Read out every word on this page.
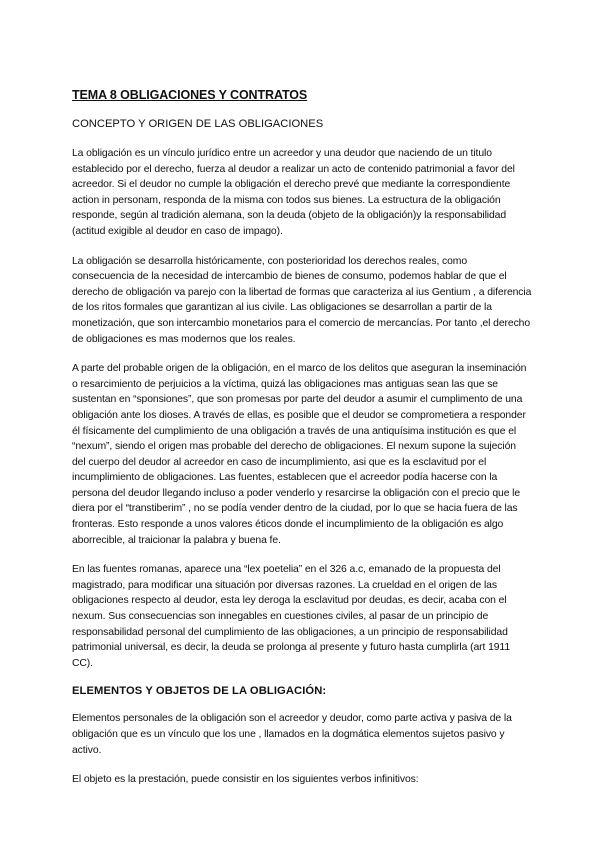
TEMA 8 OBLIGACIONES Y CONTRATOS
CONCEPTO Y ORIGEN DE LAS OBLIGACIONES

La obligación es un vínculo jurídico entre un acreedor y una deudor que naciendo de un titulo establecido por el derecho, fuerza al deudor a realizar un acto de contenido patrimonial a favor del acreedor. Si el deudor no cumple la obligación el derecho prevé que mediante la correspondiente action in personam, responda de la misma con todos sus bienes. La estructura de la obligación responde, según al tradición alemana, son la deuda (objeto de la obligación)y la responsabilidad (actitud exigible al deudor en caso de impago).

La obligación se desarrolla históricamente, con posterioridad los derechos reales, como consecuencia de la necesidad de intercambio de bienes de consumo, podemos hablar de que el derecho de obligación va parejo con la libertad de formas que caracteriza al ius Gentium , a diferencia de los ritos formales que garantizan al ius civile. Las obligaciones se desarrollan a partir de la monetización, que son intercambio monetarios para el comercio de mercancías. Por tanto ,el derecho de obligaciones es mas modernos que los reales.

A parte del probable origen de la obligación, en el marco de los delitos que aseguran la inseminación o resarcimiento de perjuicios a la víctima, quizá las obligaciones mas antiguas sean las que se sustentan en “sponsiones”, que son promesas por parte del deudor a asumir el cumplimento de una obligación ante los dioses. A través de ellas, es posible que el deudor se comprometiera a responder él físicamente del cumplimiento de una obligación a través de una antiquísima institución es que el “nexum”, siendo el origen mas probable del derecho de obligaciones. El nexum supone la sujeción del cuerpo del deudor al acreedor en caso de incumplimiento, asi que es la esclavitud por el incumplimiento de obligaciones. Las fuentes, establecen que el acreedor podía hacerse con la persona del deudor llegando incluso a poder venderlo y resarcirse la obligación con el precio que le diera por el “transtiberim” , no se podía vender dentro de la ciudad, por lo que se hacia fuera de las fronteras. Esto responde a unos valores éticos donde el incumplimiento de la obligación es algo aborrecible, al traicionar la palabra y buena fe.

En las fuentes romanas, aparece una “lex poetelia” en el 326 a.c, emanado de la propuesta del magistrado, para modificar una situación por diversas razones. La crueldad en el origen de las obligaciones respecto al deudor, esta ley deroga la esclavitud por deudas, es decir, acaba con el nexum. Sus consecuencias son innegables en cuestiones civiles, al pasar de un principio de responsabilidad personal del cumplimiento de las obligaciones, a un principio de responsabilidad patrimonial universal, es decir, la deuda se prolonga al presente y futuro hasta cumplirla (art 1911 CC).

ELEMENTOS Y OBJETOS DE LA OBLIGACIÓN:

Elementos personales de la obligación son el acreedor y deudor, como parte activa y pasiva de la obligación que es un vínculo que los une , llamados en la dogmática elementos sujetos pasivo y activo.

El objeto es la prestación, puede consistir en los siguientes verbos infinitivos:
